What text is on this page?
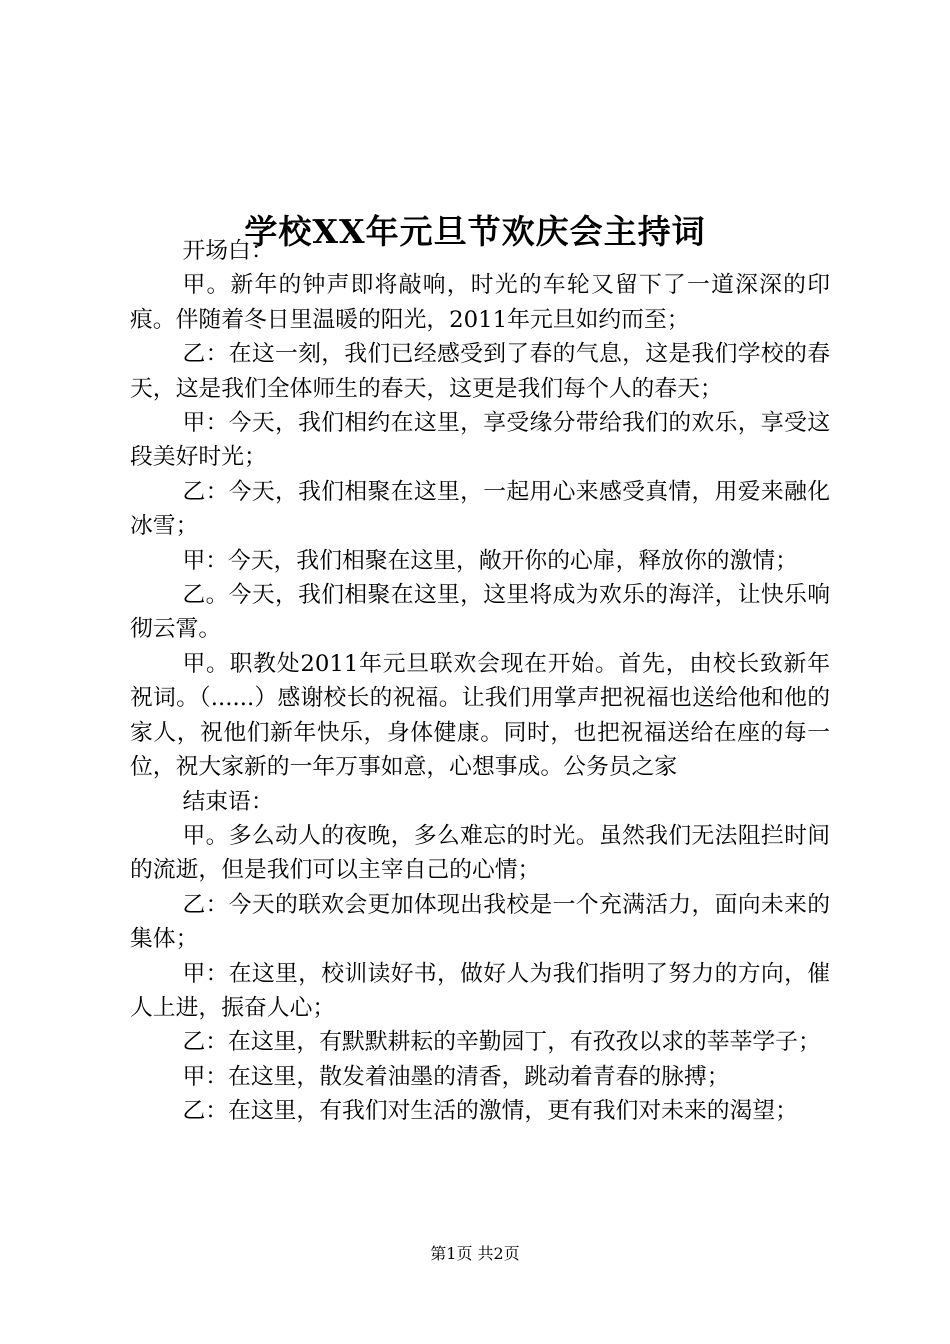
学校XX年元旦节欢庆会主持词

开场白：

甲。新年的钟声即将敲响，时光的车轮又留下了一道深深的印痕。伴随着冬日里温暖的阳光，2011年元旦如约而至；

乙：在这一刻，我们已经感受到了春的气息，这是我们学校的春天，这是我们全体师生的春天，这更是我们每个人的春天；

甲：今天，我们相约在这里，享受缘分带给我们的欢乐，享受这段美好时光；

乙：今天，我们相聚在这里，一起用心来感受真情，用爱来融化冰雪；

甲：今天，我们相聚在这里，敞开你的心扉，释放你的激情；

乙。今天，我们相聚在这里，这里将成为欢乐的海洋，让快乐响彻云霄。

甲。职教处2011年元旦联欢会现在开始。首先，由校长致新年祝词。（......）感谢校长的祝福。让我们用掌声把祝福也送给他和他的家人，祝他们新年快乐，身体健康。同时，也把祝福送给在座的每一位，祝大家新的一年万事如意，心想事成。公务员之家

结束语：

甲。多么动人的夜晚，多么难忘的时光。虽然我们无法阻拦时间的流逝，但是我们可以主宰自己的心情；

乙：今天的联欢会更加体现出我校是一个充满活力，面向未来的集体；

甲：在这里，校训读好书，做好人为我们指明了努力的方向，催人上进，振奋人心；

乙：在这里，有默默耕耘的辛勤园丁，有孜孜以求的莘莘学子；

甲：在这里，散发着油墨的清香，跳动着青春的脉搏；

乙：在这里，有我们对生活的激情，更有我们对未来的渴望；

第1页 共2页
